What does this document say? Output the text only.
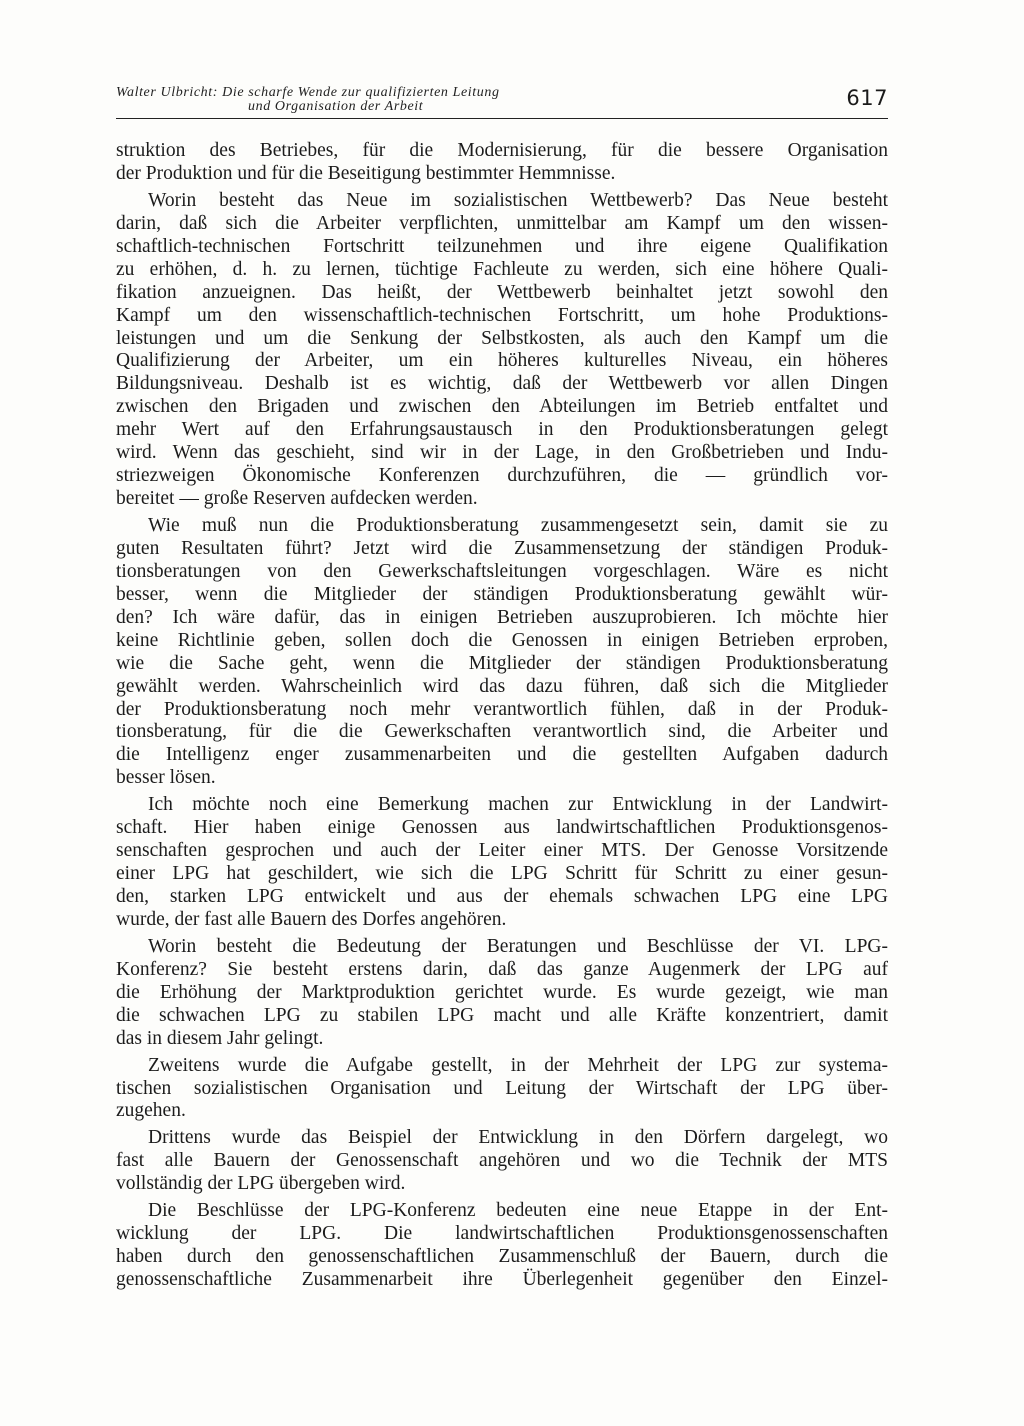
Walter Ulbricht: Die scharfe Wende zur qualifizierten Leitung
und Organisation der Arbeit	617
struktion des Betriebes, für die Modernisierung, für die bessere Organisation
der Produktion und für die Beseitigung bestimmter Hemmnisse.
Worin besteht das Neue im sozialistischen Wettbewerb? Das Neue besteht
darin, daß sich die Arbeiter verpflichten, unmittelbar am Kampf um den wissen-
schaftlich-technischen Fortschritt teilzunehmen und ihre eigene Qualifikation
zu erhöhen, d. h. zu lernen, tüchtige Fachleute zu werden, sich eine höhere Quali-
fikation anzueignen. Das heißt, der Wettbewerb beinhaltet jetzt sowohl den
Kampf um den wissenschaftlich-technischen Fortschritt, um hohe Produktions-
leistungen und um die Senkung der Selbstkosten, als auch den Kampf um die
Qualifizierung der Arbeiter, um ein höheres kulturelles Niveau, ein höheres
Bildungsniveau. Deshalb ist es wichtig, daß der Wettbewerb vor allen Dingen
zwischen den Brigaden und zwischen den Abteilungen im Betrieb entfaltet und
mehr Wert auf den Erfahrungsaustausch in den Produktionsberatungen gelegt
wird. Wenn das geschieht, sind wir in der Lage, in den Großbetrieben und Indu-
striezweigen Ökonomische Konferenzen durchzuführen, die — gründlich vor-
bereitet — große Reserven aufdecken werden.
Wie muß nun die Produktionsberatung zusammengesetzt sein, damit sie zu
guten Resultaten führt? Jetzt wird die Zusammensetzung der ständigen Produk-
tionsberatungen von den Gewerkschaftsleitungen vorgeschlagen. Wäre es nicht
besser, wenn die Mitglieder der ständigen Produktionsberatung gewählt wür-
den? Ich wäre dafür, das in einigen Betrieben auszuprobieren. Ich möchte hier
keine Richtlinie geben, sollen doch die Genossen in einigen Betrieben erproben,
wie die Sache geht, wenn die Mitglieder der ständigen Produktionsberatung
gewählt werden. Wahrscheinlich wird das dazu führen, daß sich die Mitglieder
der Produktionsberatung noch mehr verantwortlich fühlen, daß in der Produk-
tionsberatung, für die die Gewerkschaften verantwortlich sind, die Arbeiter und
die Intelligenz enger zusammenarbeiten und die gestellten Aufgaben dadurch
besser lösen.
Ich möchte noch eine Bemerkung machen zur Entwicklung in der Landwirt-
schaft. Hier haben einige Genossen aus landwirtschaftlichen Produktionsgenos-
senschaften gesprochen und auch der Leiter einer MTS. Der Genosse Vorsitzende
einer LPG hat geschildert, wie sich die LPG Schritt für Schritt zu einer gesun-
den, starken LPG entwickelt und aus der ehemals schwachen LPG eine LPG
wurde, der fast alle Bauern des Dorfes angehören.
Worin besteht die Bedeutung der Beratungen und Beschlüsse der VI. LPG-
Konferenz? Sie besteht erstens darin, daß das ganze Augenmerk der LPG auf
die Erhöhung der Marktproduktion gerichtet wurde. Es wurde gezeigt, wie man
die schwachen LPG zu stabilen LPG macht und alle Kräfte konzentriert, damit
das in diesem Jahr gelingt.
Zweitens wurde die Aufgabe gestellt, in der Mehrheit der LPG zur systema-
tischen sozialistischen Organisation und Leitung der Wirtschaft der LPG über-
zugehen.
Drittens wurde das Beispiel der Entwicklung in den Dörfern dargelegt, wo
fast alle Bauern der Genossenschaft angehören und wo die Technik der MTS
vollständig der LPG übergeben wird.
Die Beschlüsse der LPG-Konferenz bedeuten eine neue Etappe in der Ent-
wicklung der LPG. Die landwirtschaftlichen Produktionsgenossenschaften
haben durch den genossenschaftlichen Zusammenschluß der Bauern, durch die
genossenschaftliche Zusammenarbeit ihre Überlegenheit gegenüber den Einzel-
